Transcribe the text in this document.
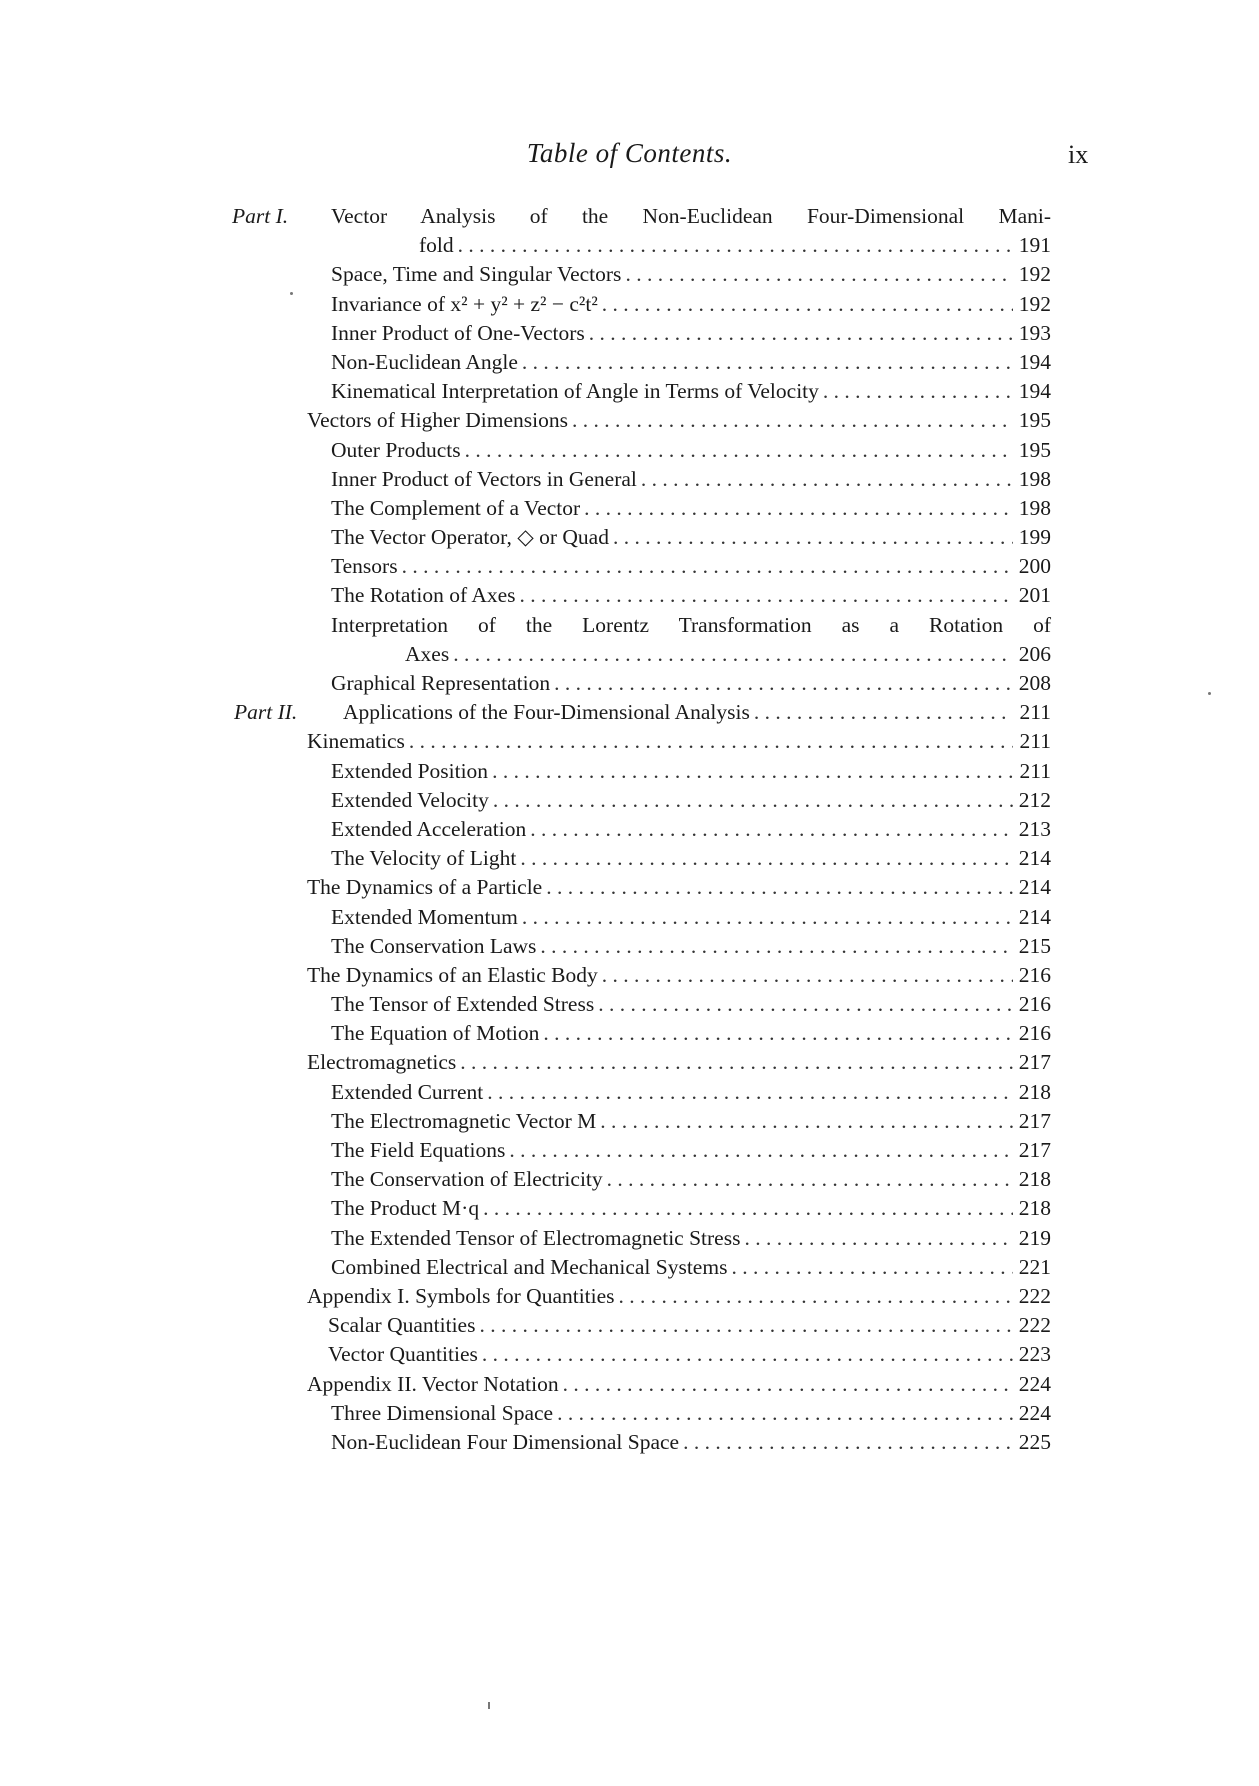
Table of Contents.	ix
Part I. Vector Analysis of the Non-Euclidean Four-Dimensional Mani-
fold . . .	191
Space, Time and Singular Vectors . . .	192
Invariance of x² + y² + z² − c²t² . . .	192
Inner Product of One-Vectors . . .	193
Non-Euclidean Angle . . .	194
Kinematical Interpretation of Angle in Terms of Velocity . . .	194
Vectors of Higher Dimensions . . .	195
Outer Products . . .	195
Inner Product of Vectors in General . . .	198
The Complement of a Vector . . .	198
The Vector Operator, ◇ or Quad . . .	199
Tensors . . .	200
The Rotation of Axes . . .	201
Interpretation of the Lorentz Transformation as a Rotation of
Axes . . .	206
Graphical Representation . . .	208
Part II. Applications of the Four-Dimensional Analysis . . .	211
Kinematics . . .	211
Extended Position . . .	211
Extended Velocity . . .	212
Extended Acceleration . . .	213
The Velocity of Light . . .	214
The Dynamics of a Particle . . .	214
Extended Momentum . . .	214
The Conservation Laws . . .	215
The Dynamics of an Elastic Body . . .	216
The Tensor of Extended Stress . . .	216
The Equation of Motion . . .	216
Electromagnetics . . .	217
Extended Current . . .	218
The Electromagnetic Vector M . . .	217
The Field Equations . . .	217
The Conservation of Electricity . . .	218
The Product M·q . . .	218
The Extended Tensor of Electromagnetic Stress . . .	219
Combined Electrical and Mechanical Systems . . .	221
Appendix I. Symbols for Quantities . . .	222
Scalar Quantities . . .	222
Vector Quantities . . .	223
Appendix II. Vector Notation . . .	224
Three Dimensional Space . . .	224
Non-Euclidean Four Dimensional Space . . .	225
